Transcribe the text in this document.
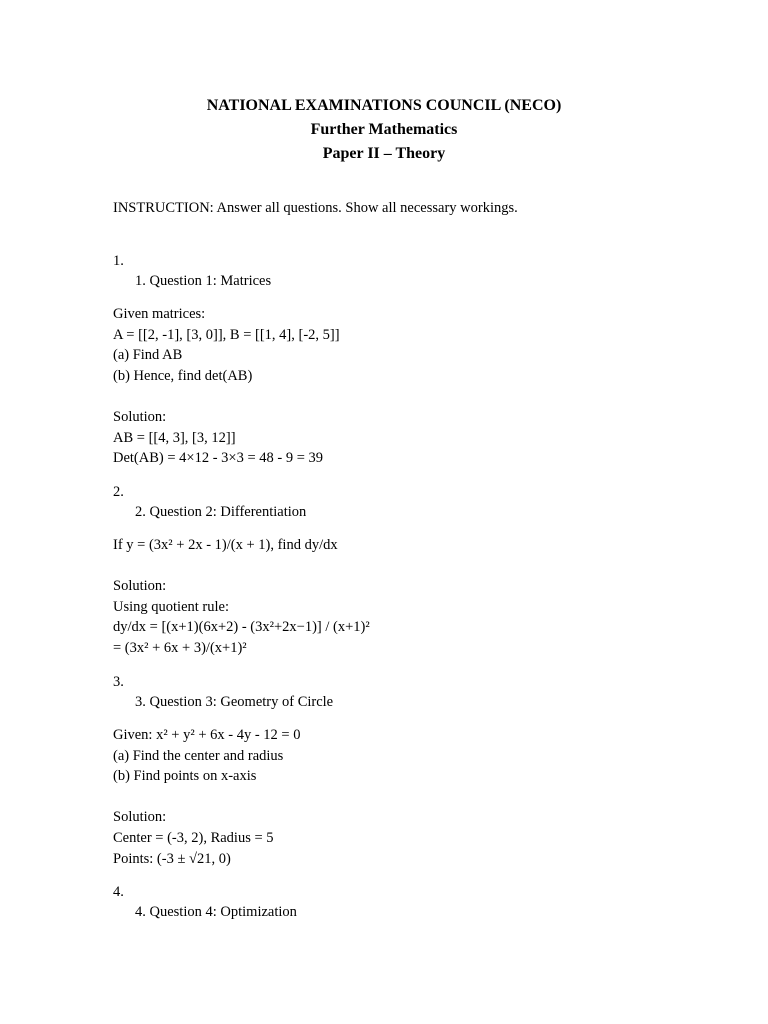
NATIONAL EXAMINATIONS COUNCIL (NECO)
Further Mathematics
Paper II – Theory
INSTRUCTION: Answer all questions. Show all necessary workings.
1.
1. Question 1: Matrices
Given matrices:
A = [[2, -1], [3, 0]], B = [[1, 4], [-2, 5]]
(a) Find AB
(b) Hence, find det(AB)
Solution:
AB = [[4, 3], [3, 12]]
Det(AB) = 4×12 - 3×3 = 48 - 9 = 39
2.
2. Question 2: Differentiation
If y = (3x² + 2x - 1)/(x + 1), find dy/dx
Solution:
Using quotient rule:
dy/dx = [(x+1)(6x+2) - (3x²+2x−1)] / (x+1)²
= (3x² + 6x + 3)/(x+1)²
3.
3. Question 3: Geometry of Circle
Given: x² + y² + 6x - 4y - 12 = 0
(a) Find the center and radius
(b) Find points on x-axis
Solution:
Center = (-3, 2), Radius = 5
Points: (-3 ± √21, 0)
4.
4. Question 4: Optimization
